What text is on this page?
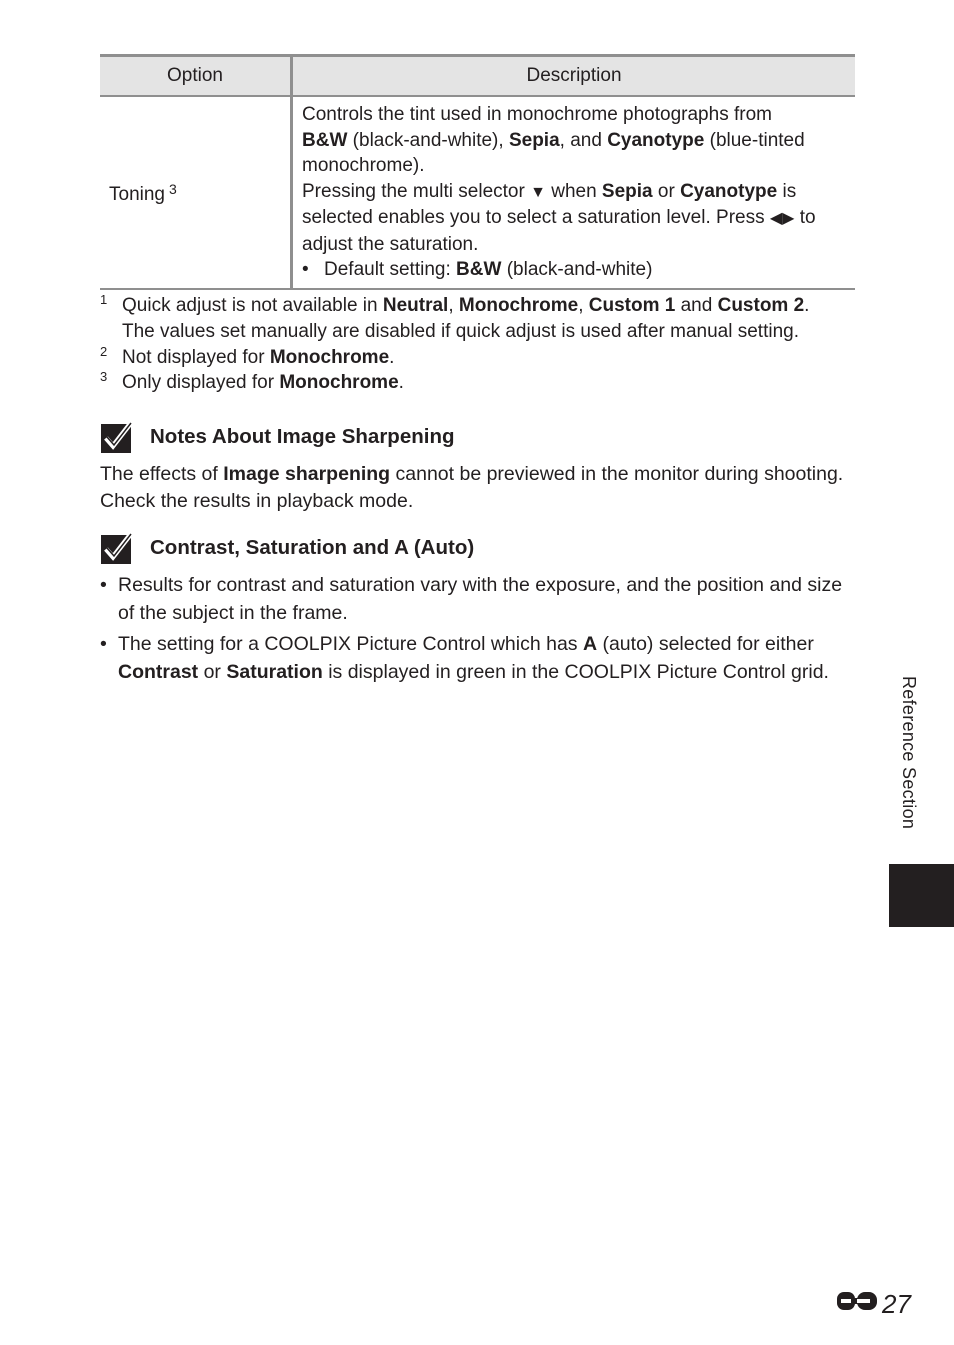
Option	Description
Toning $^3$	Controls the tint used in monochrome photographs from
B&W (black-and-white), Sepia, and Cyanotype (blue-tinted monochrome).

Pressing the multi selector ▼ when Sepia or Cyanotype is selected enables you to select a saturation level. Press ◀▶ to adjust the saturation.

• Default setting: B&W (black-and-white)

1 Quick adjust is not available in Neutral, Monochrome, Custom 1 and Custom 2.
The values set manually are disabled if quick adjust is used after manual setting.
2 Not displayed for Monochrome.
3 Only displayed for Monochrome.
Notes About Image Sharpening

The effects of Image sharpening cannot be previewed in the monitor during shooting. Check the results in playback mode.

Contrast, Saturation and A (Auto)
• Results for contrast and saturation vary with the exposure, and the position and size of the subject in the frame.
• The setting for a COOLPIX Picture Control which has A (auto) selected for either Contrast or Saturation is displayed in green in the COOLPIX Picture Control grid.
Reference Section
27
